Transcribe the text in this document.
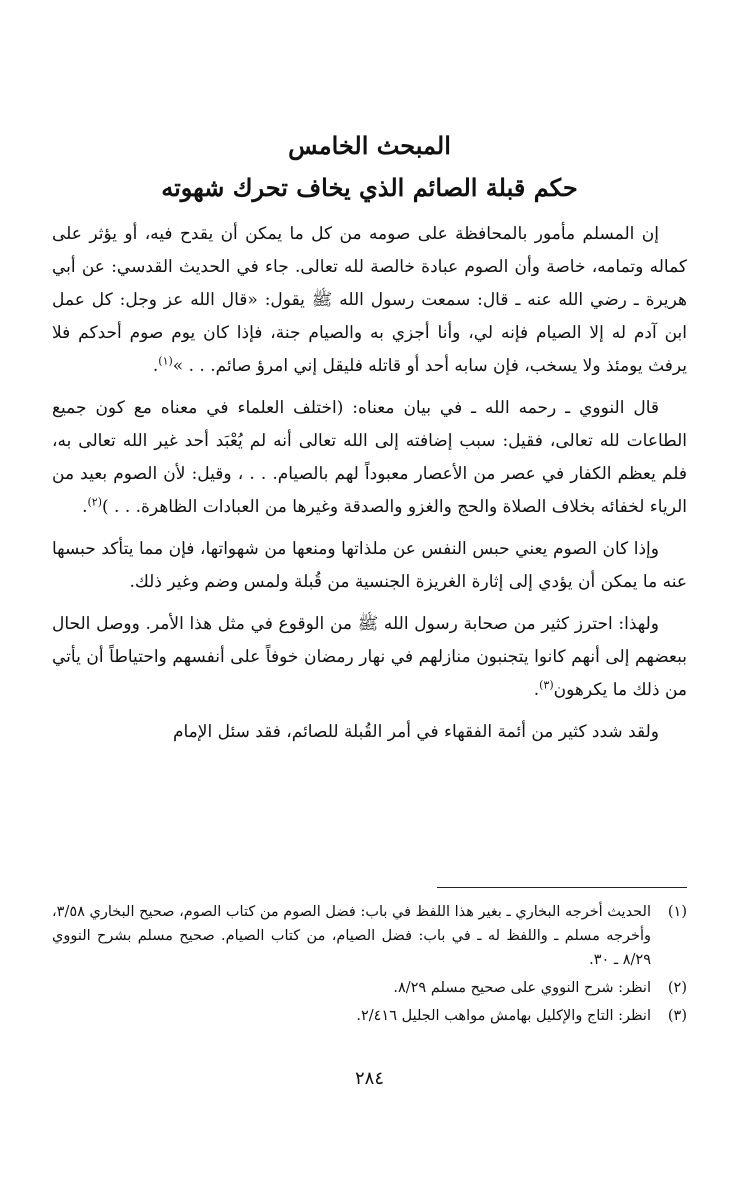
المبحث الخامس
حكم قبلة الصائم الذي يخاف تحرك شهوته

إن المسلم مأمور بالمحافظة على صومه من كل ما يمكن أن يقدح فيه، أو يؤثر على كماله وتمامه، خاصة وأن الصوم عبادة خالصة لله تعالى. جاء في الحديث القدسي: عن أبي هريرة ـ رضي الله عنه ـ قال: سمعت رسول الله ﷺ يقول: «قال الله عز وجل: كل عمل ابن آدم له إلا الصيام فإنه لي، وأنا أجزي به والصيام جنة، فإذا كان يوم صوم أحدكم فلا يرفث يومئذ ولا يسخب، فإن سابه أحد أو قاتله فليقل إني امرؤ صائم. . . »$^{(١)}$.

قال النووي ـ رحمه الله ـ في بيان معناه: (اختلف العلماء في معناه مع كون جميع الطاعات لله تعالى، فقيل: سبب إضافته إلى الله تعالى أنه لم يُعْبَد أحد غير الله تعالى به، فلم يعظم الكفار في عصر من الأعصار معبوداً لهم بالصيام. . . ، وقيل: لأن الصوم بعيد من الرياء لخفائه بخلاف الصلاة والحج والغزو والصدقة وغيرها من العبادات الظاهرة. . . )$^{(٢)}$.

وإذا كان الصوم يعني حبس النفس عن ملذاتها ومنعها من شهواتها، فإن مما يتأكد حبسها عنه ما يمكن أن يؤدي إلى إثارة الغريزة الجنسية من قُبلة ولمس وضم وغير ذلك.

ولهذا: احترز كثير من صحابة رسول الله ﷺ من الوقوع في مثل هذا الأمر. ووصل الحال ببعضهم إلى أنهم كانوا يتجنبون منازلهم في نهار رمضان خوفاً على أنفسهم واحتياطاً أن يأتي من ذلك ما يكرهون$^{(٣)}$.

ولقد شدد كثير من أئمة الفقهاء في أمر القُبلة للصائم، فقد سئل الإمام

(١)
الحديث أخرجه البخاري ـ بغير هذا اللفظ في باب: فضل الصوم من كتاب الصوم، صحيح البخاري ٣/٥٨، وأخرجه مسلم ـ واللفظ له ـ في باب: فضل الصيام، من كتاب الصيام. صحيح مسلم بشرح النووي ٨/٢٩ ـ ٣٠.
(٢)
انظر: شرح النووي على صحيح مسلم ٨/٢٩.
(٣)
انظر: التاج والإكليل بهامش مواهب الجليل ٢/٤١٦.
٢٨٤
